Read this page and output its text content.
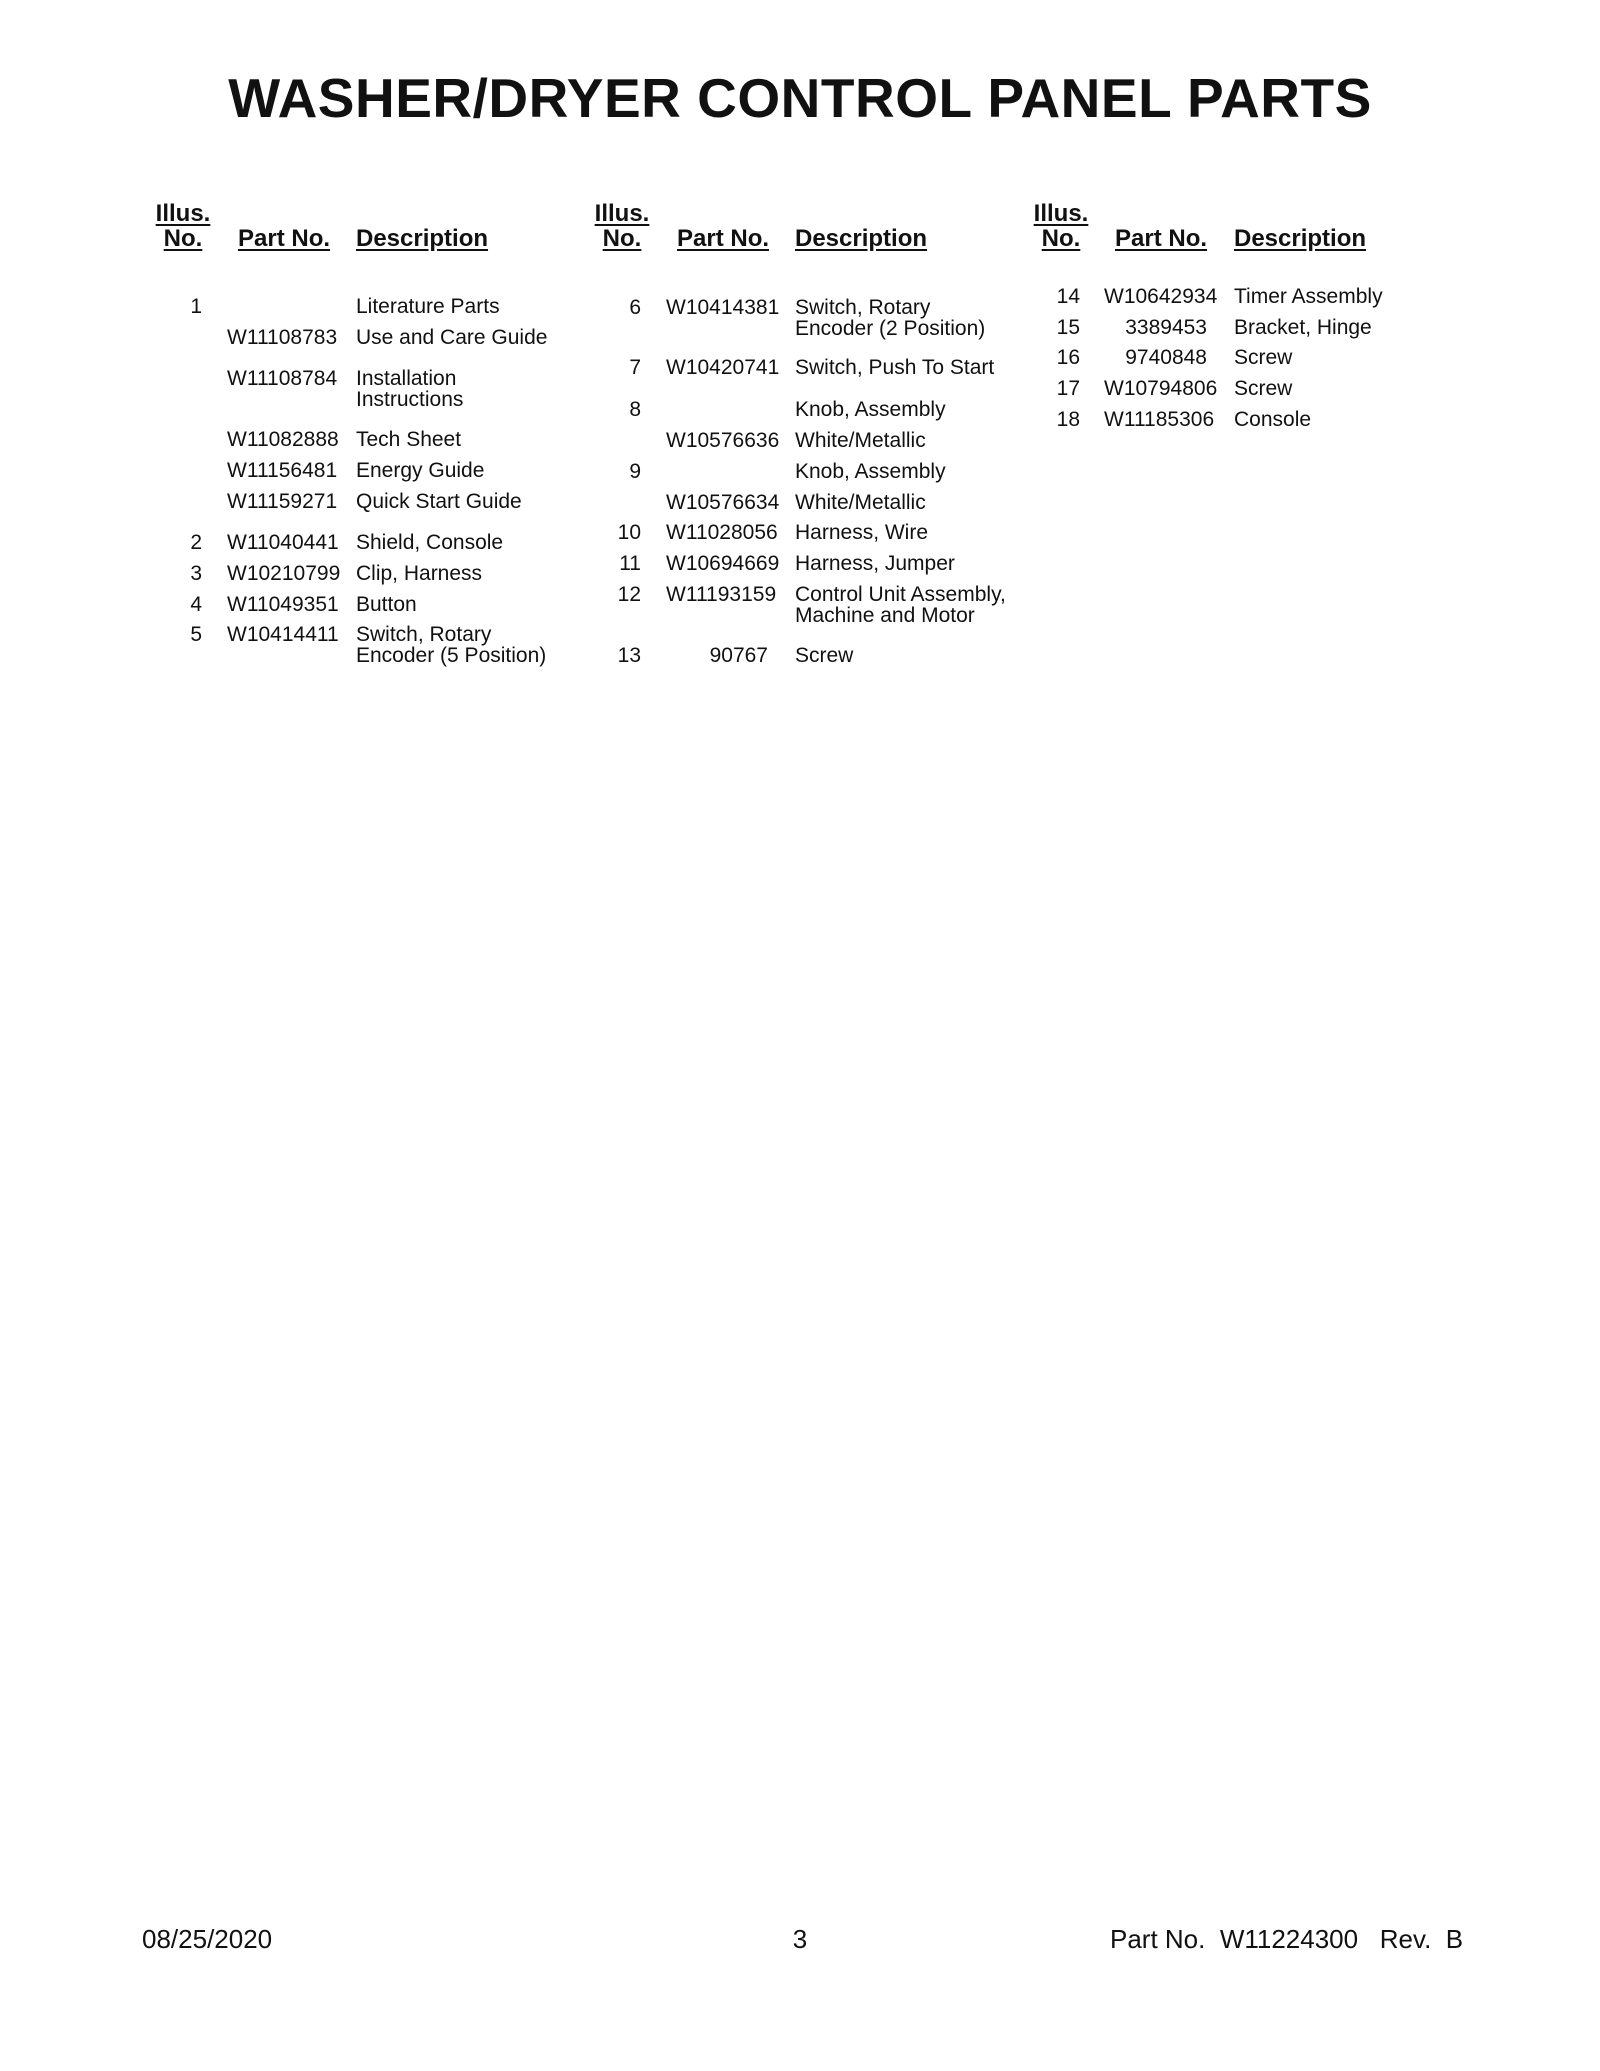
WASHER/DRYER CONTROL PANEL PARTS
Illus.
No.	Part No. Description
1	Literature Parts
W11108783 Use and Care Guide
W11108784 Installation
Instructions
W11082888 Tech Sheet
W11156481 Energy Guide
W11159271 Quick Start Guide
2 W11040441 Shield, Console
3 W10210799 Clip, Harness
4 W11049351 Button
5 W10414411 Switch, Rotary
Encoder (5 Position)
Illus.
No.	Part No. Description
6 W10414381 Switch, Rotary
Encoder (2 Position)
7 W10420741 Switch, Push To Start
8	Knob, Assembly
W10576636 White/Metallic
9	Knob, Assembly
W10576634 White/Metallic
10 W11028056 Harness, Wire
11 W10694669 Harness, Jumper
12 W11193159 Control Unit Assembly,
Machine and Motor
13	90767 Screw
Illus.
No.	Part No. Description
14 W10642934 Timer Assembly
15	3389453 Bracket, Hinge
16	9740848 Screw
17 W10794806 Screw
18 W11185306 Console
08/25/2020	3	Part No.  W11224300   Rev.  B
